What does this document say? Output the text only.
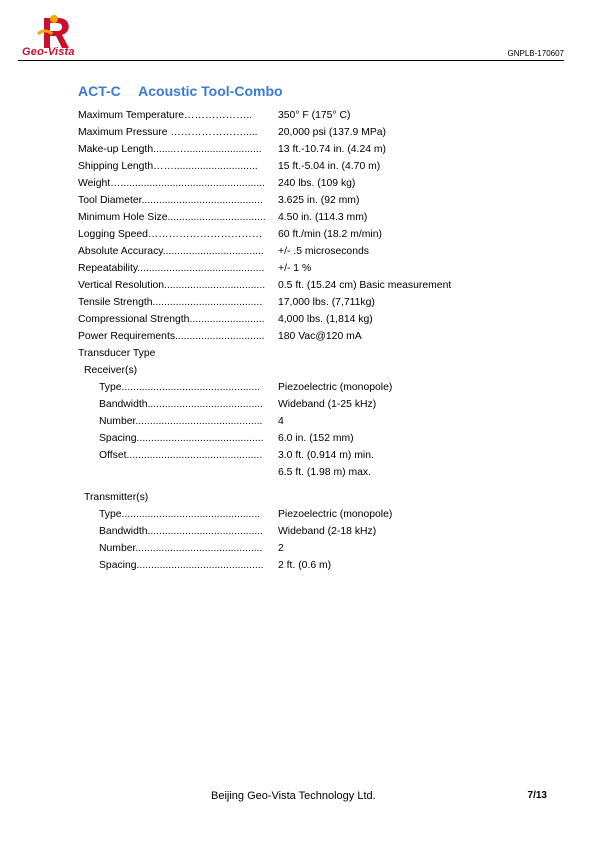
Geo-Vista	GNPLB-170607
ACT-C Acoustic Tool-Combo
Maximum Temperature……………….. 350° F (175° C)
Maximum Pressure …………………..... 20,000 psi (137.9 MPa)
Make-up Length........….......................... 13 ft.-10.74 in. (4.24 m)
Shipping Length……............................. 15 ft.-5.04 in. (4.70 m)
Weight….................................................. 240 lbs. (109 kg)
Tool Diameter.......................................... 3.625 in. (92 mm)
Minimum Hole Size.................................. 4.50 in. (114.3 mm)
Logging Speed…………………………… 60 ft./min (18.2 m/min)
Absolute Accuracy................................... +/- .5 microseconds
Repeatability............................................ +/- 1 %
Vertical Resolution................................... 0.5 ft. (15.24 cm) Basic measurement
Tensile Strength...................................... 17,000 lbs. (7,711kg)
Compressional Strength.......................... 4,000 lbs. (1,814 kg)
Power Requirements............................... 180 Vac@120 mA
Transducer Type
Receiver(s)
Type................................................ Piezoelectric (monopole)
Bandwidth........................................ Wideband (1-25 kHz)
Number............................................ 4
Spacing............................................ 6.0 in. (152 mm)
Offset............................................... 3.0 ft. (0.914 m) min.
6.5 ft. (1.98 m) max.
Transmitter(s)
Type................................................ Piezoelectric (monopole)
Bandwidth........................................ Wideband (2-18 kHz)
Number............................................ 2
Spacing............................................ 2 ft. (0.6 m)
Beijing Geo-Vista Technology Ltd.	7/13
